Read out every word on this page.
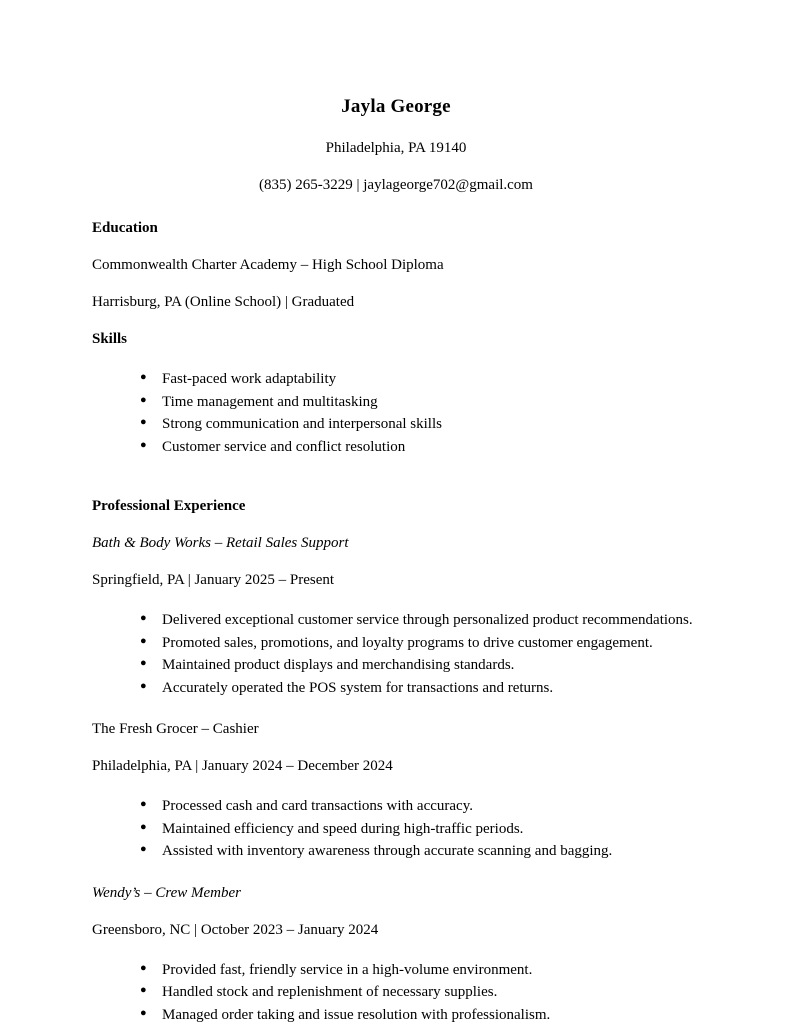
Jayla George
Philadelphia, PA 19140
(835) 265-3229 | jaylageorge702@gmail.com
Education
Commonwealth Charter Academy – High School Diploma
Harrisburg, PA (Online School) | Graduated
Skills
● Fast-paced work adaptability
● Time management and multitasking
● Strong communication and interpersonal skills
● Customer service and conflict resolution
Professional Experience
Bath & Body Works – Retail Sales Support
Springfield, PA | January 2025 – Present
● Delivered exceptional customer service through personalized product recommendations.
● Promoted sales, promotions, and loyalty programs to drive customer engagement.
● Maintained product displays and merchandising standards.
● Accurately operated the POS system for transactions and returns.
The Fresh Grocer – Cashier
Philadelphia, PA | January 2024 – December 2024
● Processed cash and card transactions with accuracy.
● Maintained efficiency and speed during high-traffic periods.
● Assisted with inventory awareness through accurate scanning and bagging.
Wendy’s – Crew Member
Greensboro, NC | October 2023 – January 2024
● Provided fast, friendly service in a high-volume environment.
● Handled stock and replenishment of necessary supplies.
● Managed order taking and issue resolution with professionalism.
